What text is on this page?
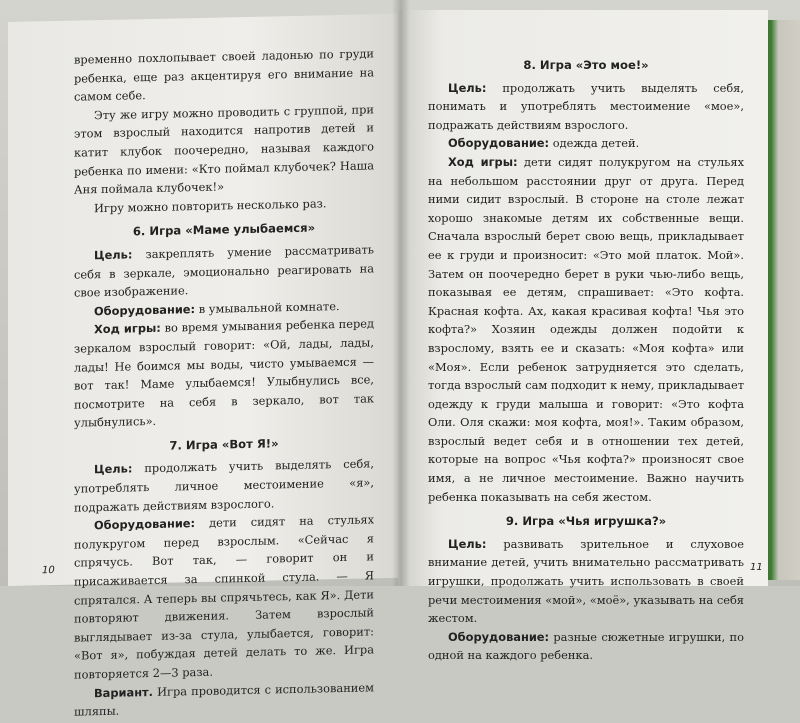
временно похлопывает своей ладонью по груди ребенка, еще раз акцентируя его внимание на самом себе.

Эту же игру можно проводить с группой, при этом взрослый находится напротив детей и катит клубок поочередно, называя каждого ребенка по имени: «Кто поймал клубочек? Наша Аня поймала клубочек!»

Игру можно повторить несколько раз.

6. Игра «Маме улыбаемся»

Цель: закреплять умение рассматривать себя в зеркале, эмоционально реагировать на свое изображение.

Оборудование: в умывальной комнате.

Ход игры: во время умывания ребенка перед зеркалом взрослый говорит: «Ой, лады, лады, лады! Не боимся мы воды, чисто умываемся — вот так! Маме улыбаемся! Улыбнулись все, посмотрите на себя в зеркало, вот так улыбнулись».

7. Игра «Вот Я!»

Цель: продолжать учить выделять себя, употреблять личное местоимение «я», подражать действиям взрослого.

Оборудование: дети сидят на стульях полукругом перед взрослым. «Сейчас я спрячусь. Вот так, — говорит он и присаживается за спинкой стула. — Я спрятался. А теперь вы спрячьтесь, как Я». Дети повторяют движения. Затем взрослый выглядывает из-за стула, улыбается, говорит: «Вот я», побуждая детей делать то же. Игра повторяется 2—3 раза.

Вариант. Игра проводится с использованием шляпы.

10
8. Игра «Это мое!»

Цель: продолжать учить выделять себя, понимать и употреблять местоимение «мое», подражать действиям взрослого.

Оборудование: одежда детей.

Ход игры: дети сидят полукругом на стульях на небольшом расстоянии друг от друга. Перед ними сидит взрослый. В стороне на столе лежат хорошо знакомые детям их собственные вещи. Сначала взрослый берет свою вещь, прикладывает ее к груди и произносит: «Это мой платок. Мой». Затем он поочередно берет в руки чью-либо вещь, показывая ее детям, спрашивает: «Это кофта. Красная кофта. Ах, какая красивая кофта! Чья это кофта?» Хозяин одежды должен подойти к взрослому, взять ее и сказать: «Моя кофта» или «Моя». Если ребенок затрудняется это сделать, тогда взрослый сам подходит к нему, прикладывает одежду к груди малыша и говорит: «Это кофта Оли. Оля скажи: моя кофта, моя!». Таким образом, взрослый ведет себя и в отношении тех детей, которые на вопрос «Чья кофта?» произносят свое имя, а не личное местоимение. Важно научить ребенка показывать на себя жестом.

9. Игра «Чья игрушка?»

Цель: развивать зрительное и слуховое внимание детей, учить внимательно рассматривать игрушки, продолжать учить использовать в своей речи местоимения «мой», «моё», указывать на себя жестом.

Оборудование: разные сюжетные игрушки, по одной на каждого ребенка.

11
